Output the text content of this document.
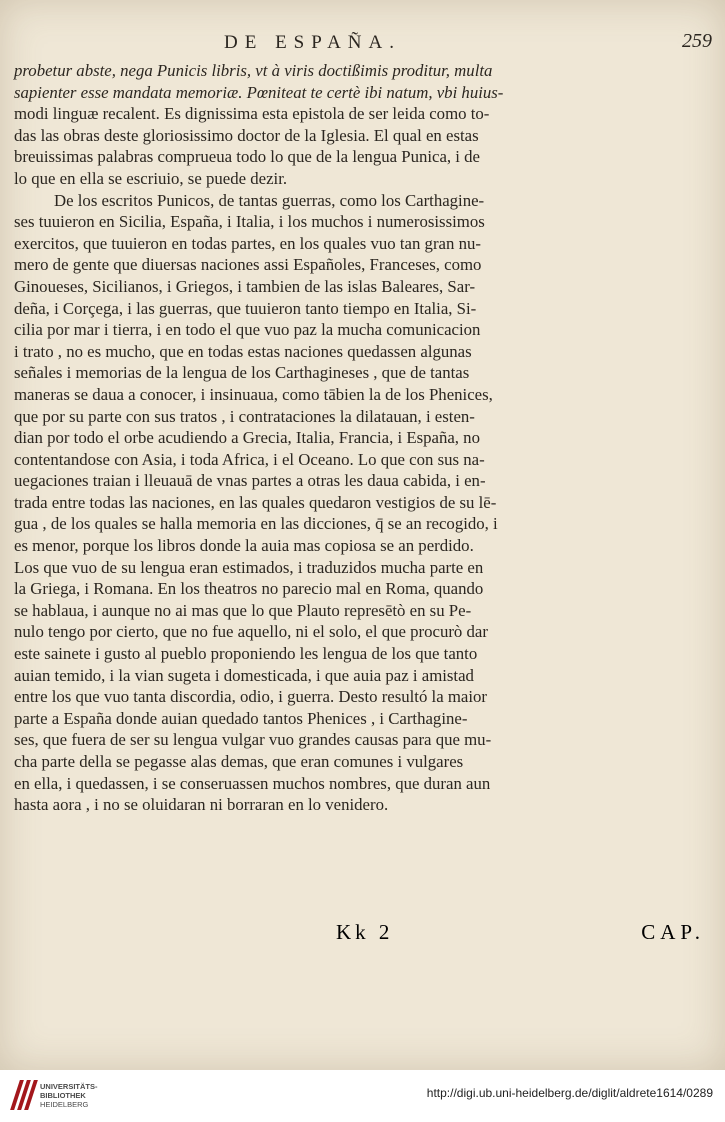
DE ESPAÑA.	259

probetur abste, nega Punicis libris, vt à viris doctißimis proditur, multa
sapienter esse mandata memoriæ. Pœniteat te certè ibi natum, vbi huius-
modi linguæ recalent. Es dignissima esta epistola de ser leida como to-
das las obras deste gloriosissimo doctor de la Iglesia. El qual en estas
breuissimas palabras comprueua todo lo que de la lengua Punica, i de
lo que en ella se escriuio, se puede dezir.
De los escritos Punicos, de tantas guerras, como los Carthagine-
ses tuuieron en Sicilia, España, i Italia, i los muchos i numerosissimos
exercitos, que tuuieron en todas partes, en los quales vuo tan gran nu-
mero de gente que diuersas naciones assi Españoles, Franceses, como
Ginoueses, Sicilianos, i Griegos, i tambien de las islas Baleares, Sar-
deña, i Corçega, i las guerras, que tuuieron tanto tiempo en Italia, Si-
cilia por mar i tierra, i en todo el que vuo paz la mucha comunicacion
i trato , no es mucho, que en todas estas naciones quedassen algunas
señales i memorias de la lengua de los Carthagineses , que de tantas
maneras se daua a conocer, i insinuaua, como tābien la de los Phenices,
que por su parte con sus tratos , i contrataciones la dilatauan, i esten-
dian por todo el orbe acudiendo a Grecia, Italia, Francia, i España, no
contentandose con Asia, i toda Africa, i el Oceano. Lo que con sus na-
uegaciones traian i lleuauā de vnas partes a otras les daua cabida, i en-
trada entre todas las naciones, en las quales quedaron vestigios de su lē-
gua , de los quales se halla memoria en las dicciones, q̄ se an recogido, i
es menor, porque los libros donde la auia mas copiosa se an perdido.
Los que vuo de su lengua eran estimados, i traduzidos mucha parte en
la Griega, i Romana. En los theatros no parecio mal en Roma, quando
se hablaua, i aunque no ai mas que lo que Plauto represētò en su Pe-
nulo tengo por cierto, que no fue aquello, ni el solo, el que procurò dar
este sainete i gusto al pueblo proponiendo les lengua de los que tanto
auian temido, i la vian sugeta i domesticada, i que auia paz i amistad
entre los que vuo tanta discordia, odio, i guerra. Desto resultó la maior
parte a España donde auian quedado tantos Phenices , i Carthagine-
ses, que fuera de ser su lengua vulgar vuo grandes causas para que mu-
cha parte della se pegasse alas demas, que eran comunes i vulgares
en ella, i quedassen, i se conseruassen muchos nombres, que duran aun
hasta aora , i no se oluidaran ni borraran en lo venidero.

Kk 2	CAP.
UNIVERSITÄTS-
BIBLIOTHEK
HEIDELBERG
http://digi.ub.uni-heidelberg.de/diglit/aldrete1614/0289
